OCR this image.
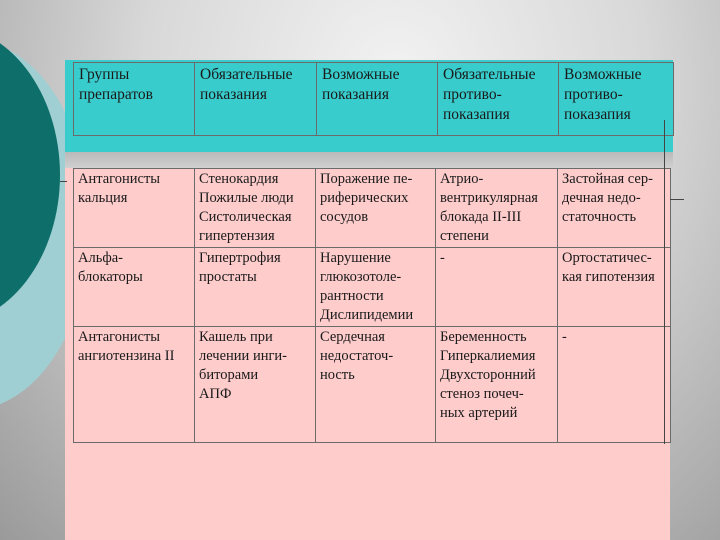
Группы
препаратов	Обязательные
показания	Возможные
показания	Обязательные
противо-
показапия	Возможные
противо-
показапия
Антагонисты
кальция	Стенокардия
Пожилые люди
Систолическая
гипертензия	Поражение пе-
риферических
сосудов	Атрио-
вентрикулярная
блокада II-III
степени	Застойная сер-
дечная недо-
статочность
Альфа-
блокаторы	Гипертрофия
простаты	Нарушение
глюкозотоле-
рантности
Дислипидемии	-	Ортостатичес-
кая гипотензия
Антагонисты
ангиотензина II	Кашель при
лечении инги-
биторами
АПФ	Сердечная
недостаточ-
ность	Беременность
Гиперкалиемия
Двухсторонний
стеноз почеч-
ных артерий	-
